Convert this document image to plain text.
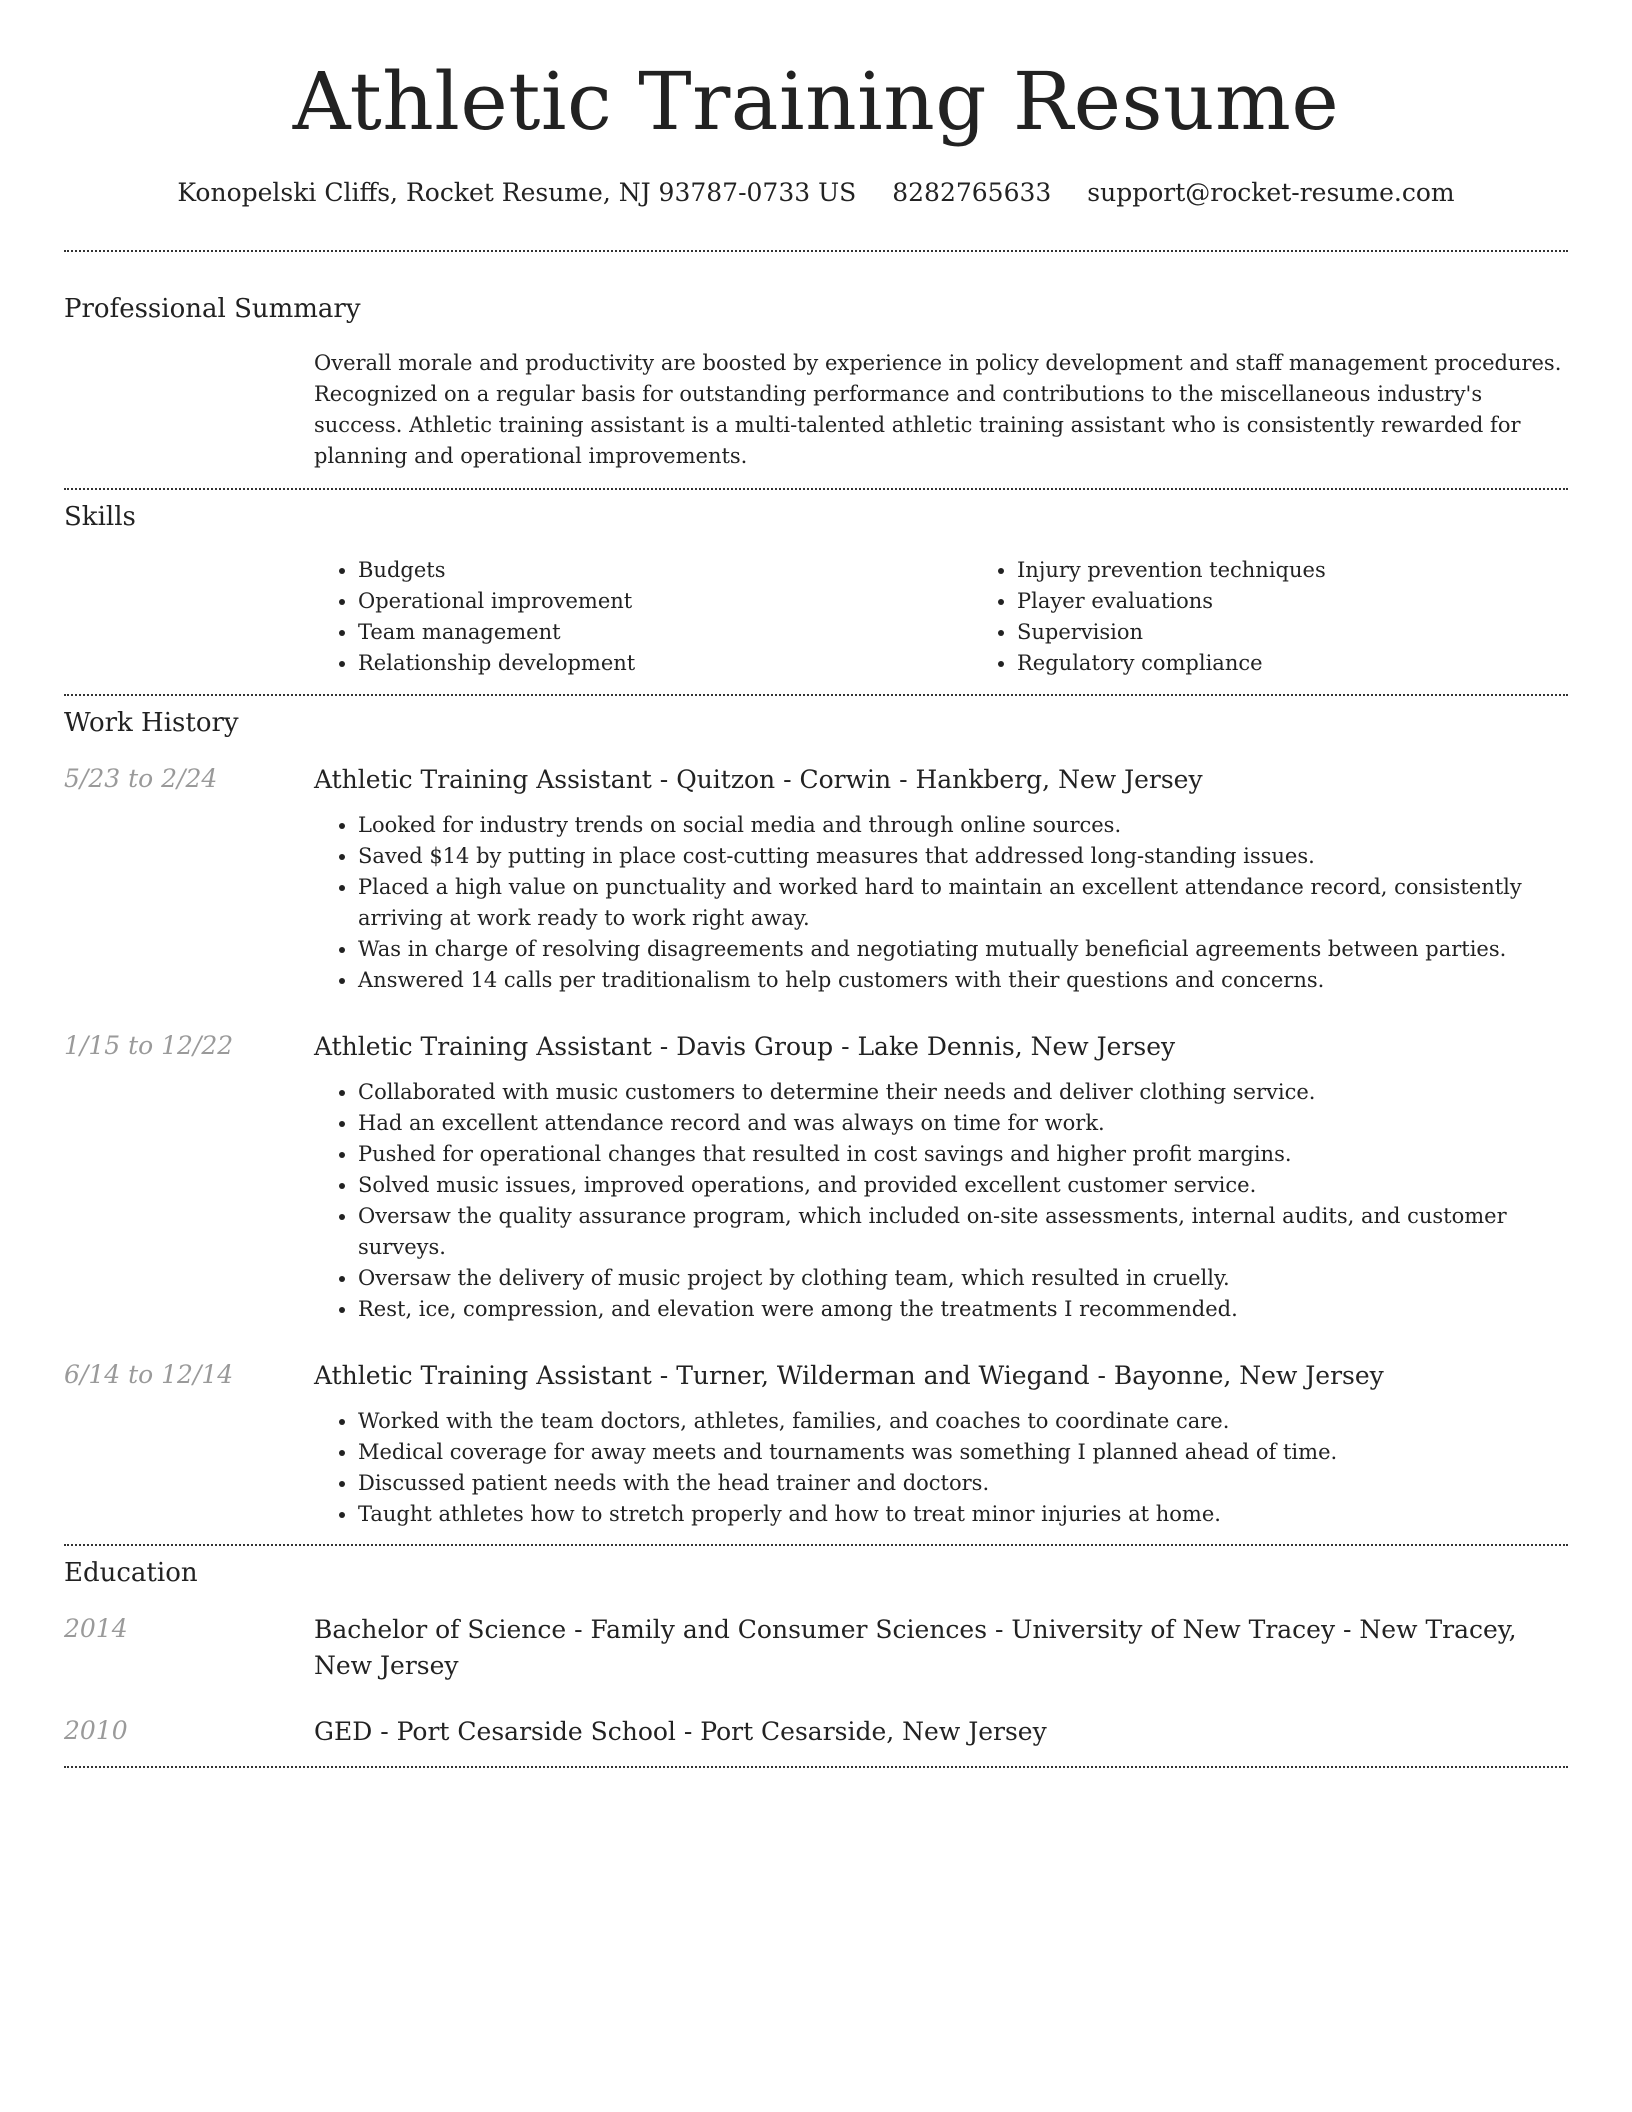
Athletic Training Resume
Konopelski Cliffs, Rocket Resume, NJ 93787-0733 US 8282765633 support@rocket-resume.com
Professional Summary

Overall morale and productivity are boosted by experience in policy development and staff management procedures. Recognized on a regular basis for outstanding performance and contributions to the miscellaneous industry's success. Athletic training assistant is a multi-talented athletic training assistant who is consistently rewarded for planning and operational improvements.

Skills
• Budgets
• Operational improvement
• Team management
• Relationship development
• Injury prevention techniques
• Player evaluations
• Supervision
• Regulatory compliance
Work History
5/23 to 2/24	Athletic Training Assistant - Quitzon - Corwin - Hankberg, New Jersey
• Looked for industry trends on social media and through online sources.
• Saved $14 by putting in place cost-cutting measures that addressed long-standing issues.
• Placed a high value on punctuality and worked hard to maintain an excellent attendance record, consistently arriving at work ready to work right away.
• Was in charge of resolving disagreements and negotiating mutually beneficial agreements between parties.
• Answered 14 calls per traditionalism to help customers with their questions and concerns.
1/15 to 12/22	Athletic Training Assistant - Davis Group - Lake Dennis, New Jersey
• Collaborated with music customers to determine their needs and deliver clothing service.
• Had an excellent attendance record and was always on time for work.
• Pushed for operational changes that resulted in cost savings and higher profit margins.
• Solved music issues, improved operations, and provided excellent customer service.
• Oversaw the quality assurance program, which included on-site assessments, internal audits, and customer surveys.
• Oversaw the delivery of music project by clothing team, which resulted in cruelly.
• Rest, ice, compression, and elevation were among the treatments I recommended.
6/14 to 12/14	Athletic Training Assistant - Turner, Wilderman and Wiegand - Bayonne, New Jersey
• Worked with the team doctors, athletes, families, and coaches to coordinate care.
• Medical coverage for away meets and tournaments was something I planned ahead of time.
• Discussed patient needs with the head trainer and doctors.
• Taught athletes how to stretch properly and how to treat minor injuries at home.
Education
2014	Bachelor of Science - Family and Consumer Sciences - University of New Tracey - New Tracey, New Jersey
2010	GED - Port Cesarside School - Port Cesarside, New Jersey
